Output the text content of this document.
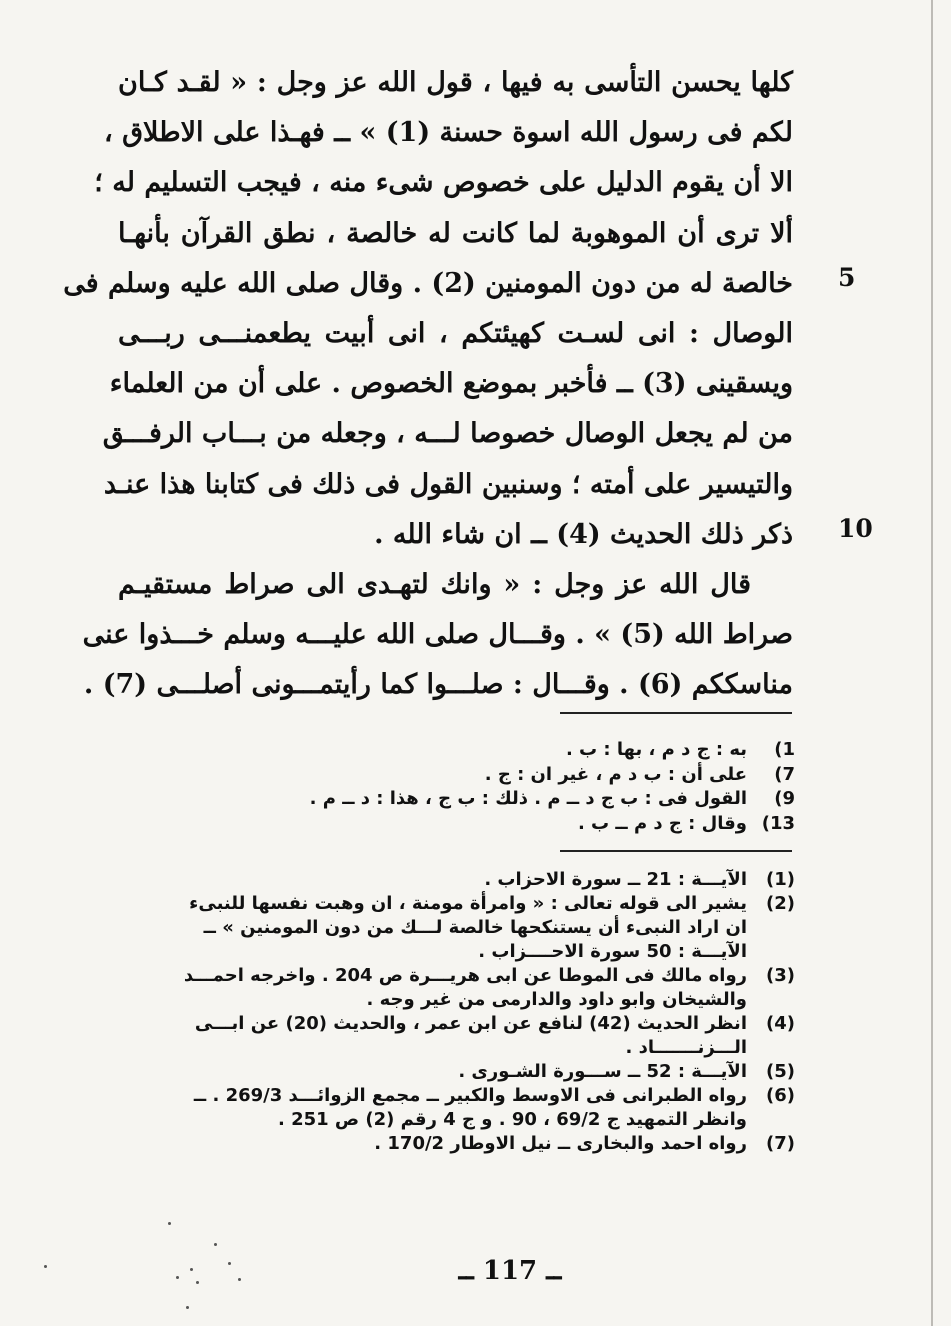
كلها يحسن التأسى به فيها ، قول الله عز وجل : « لقـد كـان
لكم فى رسول الله اسوة حسنة (1) » ــ فهـذا على الاطلاق ،
الا أن يقوم الدليل على خصوص شىء منه ، فيجب التسليم له ؛
ألا ترى أن الموهوبة لما كانت له خالصة ، نطق القرآن بأنهـا
خالصة له من دون المومنين (2) . وقال صلى الله عليه وسلم فى
الوصال : انى لسـت كهيئتكم ، انى أبيت يطعمنـــى ربـــى
ويسقينى (3) ــ فأخبر بموضع الخصوص . على أن من العلماء
من لم يجعل الوصال خصوصا لـــه ، وجعله من بـــاب الرفـــق
والتيسير على أمته ؛ وسنبين القول فى ذلك فى كتابنا هذا عنـد
ذكر ذلك الحديث (4) ــ ان شاء الله .
قال الله عز وجل : « وانك لتهـدى الى صراط مستقيـم
صراط الله (5) » . وقـــال صلى الله عليـــه وسلم خـــذوا عنى
مناسككم (6) . وقـــال : صلـــوا كما رأيتمـــونى أصلـــى (7) .
5
10
1)
به : ج د م ، بها : ب .
7)
على أن : ب د م ، غير ان : ج .
9)
القول فى : ب ج د ــ م . ذلك : ب ج ، هذا : د ــ م .
13)
وقال : ج د م ــ ب .
(1)
الآيـــة : 21 ــ سورة الاحزاب .
(2)
يشير الى قوله تعالى : « وامرأة مومنة ، ان وهبت نفسها للنبىء
ان اراد النبىء أن يستنكحها خالصة لـــك من دون المومنين » ــ
الآيـــة : 50 سورة الاحــــزاب .
(3)
رواه مالك فى الموطا عن ابى هريـــرة ص 204 . واخرجه احمـــد
والشيخان وابو داود والدارمى من غير وجه .
(4)
انظر الحديث (42) لنافع عن ابن عمر ، والحديث (20) عن ابـــى
الـــزنـــــــاد .
(5)
الآيـــة : 52 ــ ســـورة الشـورى .
(6)
رواه الطبرانى فى الاوسط والكبير ــ مجمع الزوائـــد 269/3 . ــ
وانظر التمهيد ج 69/2 ، 90 . و ج 4 رقم (2) ص 251 .
(7)
رواه احمد والبخارى ــ نيل الاوطار 170/2 .
ــ 117 ــ
